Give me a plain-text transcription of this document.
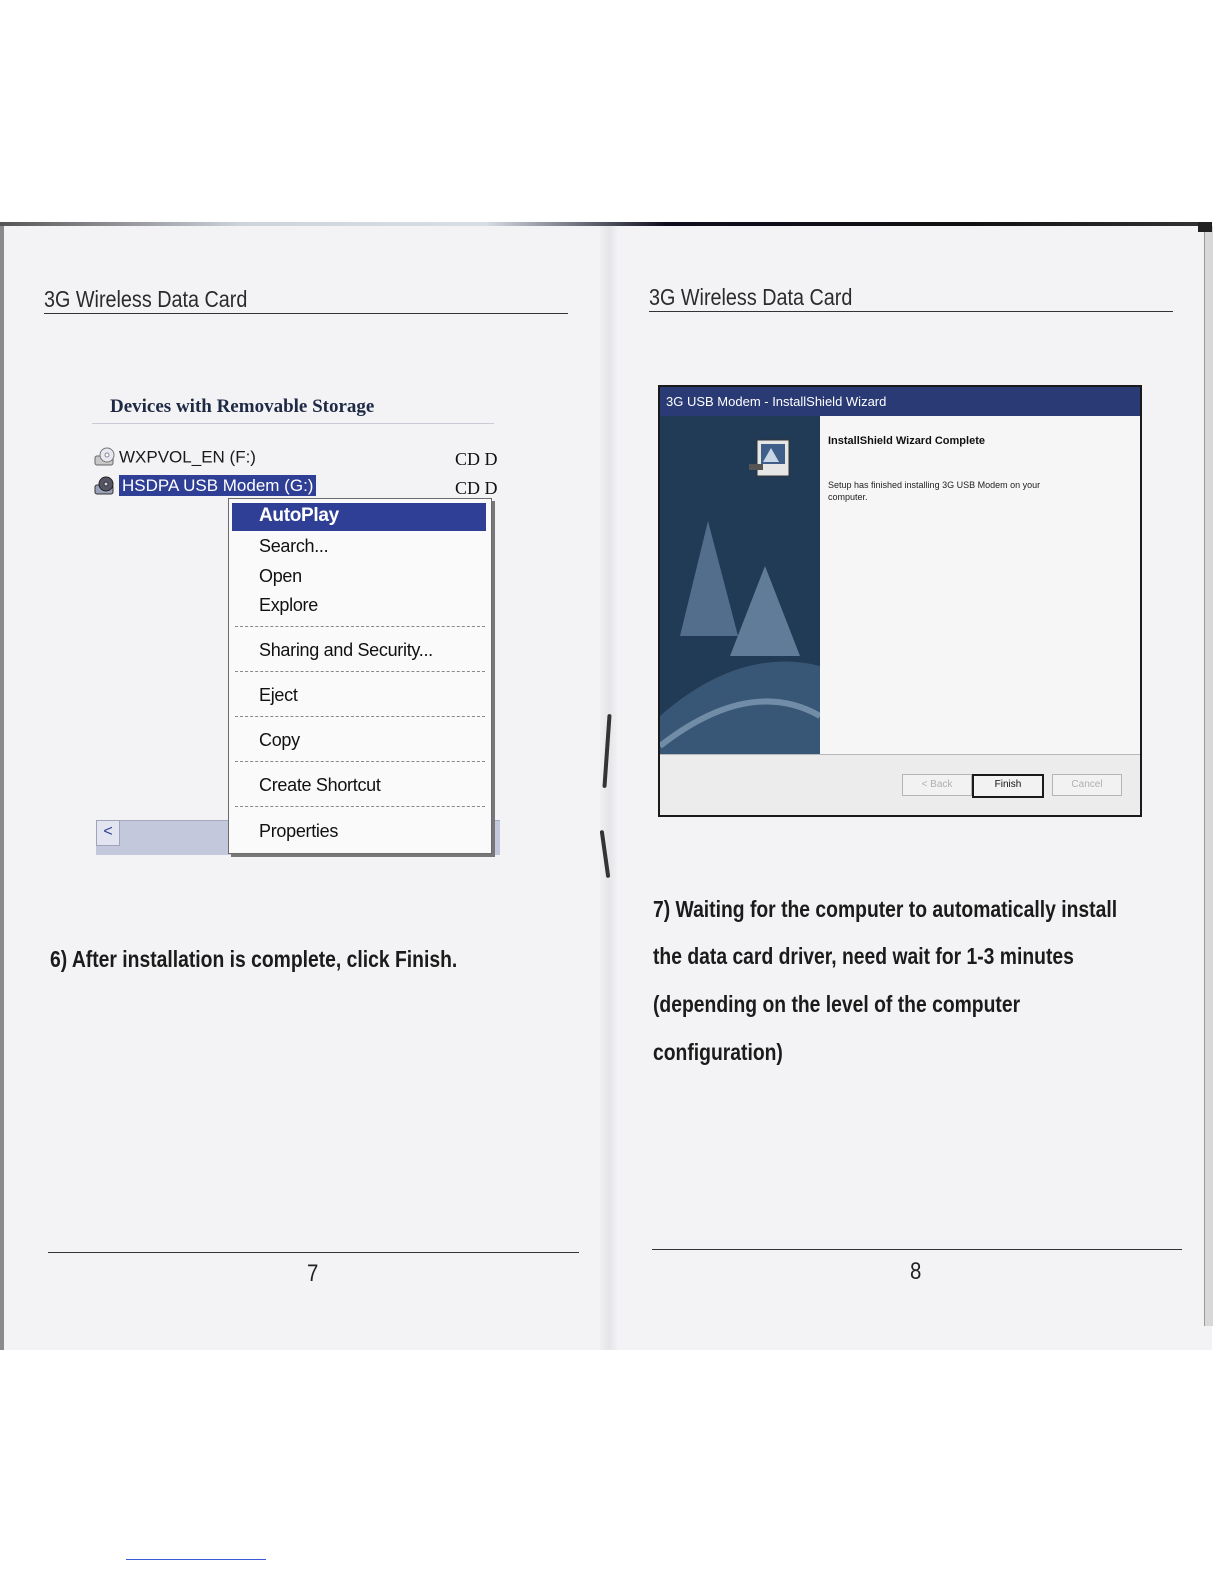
3G Wireless Data Card
Devices with Removable Storage
WXPVOL_EN (F:)	CD D
HSDPA USB Modem (G:)	CD D
<
AutoPlay
Search...
Open
Explore
Sharing and Security...
Eject
Copy
Create Shortcut
Properties
6) After installation is complete, click Finish.
7
3G Wireless Data Card
3G USB Modem - InstallShield Wizard
InstallShield Wizard Complete
Setup has finished installing 3G USB Modem on your computer.
< Back	Finish	Cancel
7) Waiting for the computer to automatically install
the data card driver, need wait for 1-3 minutes
(depending on the level of the computer
configuration)
8
